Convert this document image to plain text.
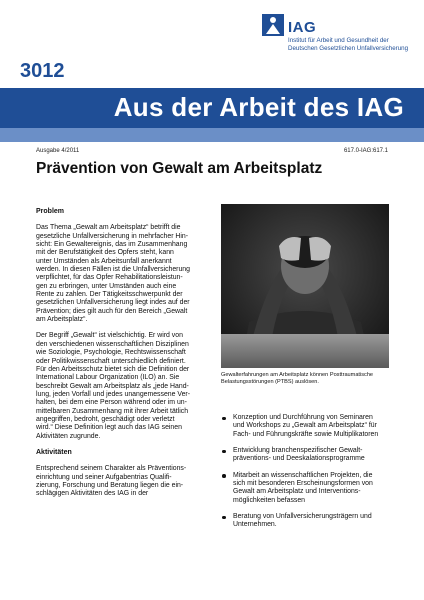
3012
IAG
Institut für Arbeit und Gesundheit der
Deutschen Gesetzlichen Unfallversicherung
Aus der Arbeit des IAG
Ausgabe 4/2011	617.0-IAG:617.1
Prävention von Gewalt am Arbeitsplatz
Problem
Das Thema „Gewalt am Arbeitsplatz“ betrifft die
gesetzliche Unfallversicherung in mehrfacher Hin-
sicht: Ein Gewaltereignis, das im Zusammenhang
mit der Berufstätigkeit des Opfers steht, kann
unter Umständen als Arbeitsunfall anerkannt
werden. In diesen Fällen ist die Unfallversicherung
verpflichtet, für das Opfer Rehabilitationsleistun-
gen zu erbringen, unter Umständen auch eine
Rente zu zahlen. Der Tätigkeitsschwerpunkt der
gesetzlichen Unfallversicherung liegt indes auf der
Prävention; dies gilt auch für den Bereich „Gewalt
am Arbeitsplatz“.
Der Begriff „Gewalt“ ist vielschichtig. Er wird von
den verschiedenen wissenschaftlichen Disziplinen
wie Soziologie, Psychologie, Rechtswissenschaft
oder Politikwissenschaft unterschiedlich definiert.
Für den Arbeitsschutz bietet sich die Definition der
International Labour Organization (ILO) an. Sie
beschreibt Gewalt am Arbeitsplatz als „jede Hand-
lung, jeden Vorfall und jedes unangemessene Ver-
halten, bei dem eine Person während oder im un-
mittelbaren Zusammenhang mit ihrer Arbeit tätlich
angegriffen, bedroht, geschädigt oder verletzt
wird.“ Diese Definition legt auch das IAG seinen
Aktivitäten zugrunde.
Aktivitäten
Entsprechend seinem Charakter als Präventions-
einrichtung und seiner Aufgabentrias Qualifi-
zierung, Forschung und Beratung liegen die ein-
schlägigen Aktivitäten des IAG in der
Gewalterfahrungen am Arbeitsplatz können Posttraumatische
Belastungsstörungen (PTBS) auslösen.
Konzeption und Durchführung von Seminaren
und Workshops zu „Gewalt am Arbeitsplatz“ für
Fach- und Führungskräfte sowie Multiplikatoren
Entwicklung branchenspezifischer Gewalt-
präventions- und Deeskalationsprogramme
Mitarbeit an wissenschaftlichen Projekten, die
sich mit besonderen Erscheinungsformen von
Gewalt am Arbeitsplatz und Interventions-
möglichkeiten befassen
Beratung von Unfallversicherungsträgern und
Unternehmen.
